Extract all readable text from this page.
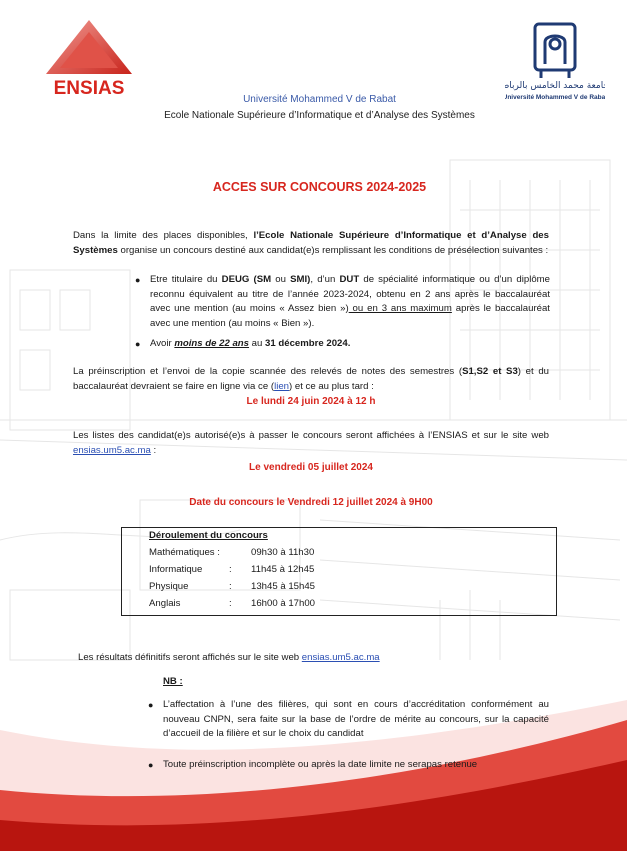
ENSIAS	جامعة محمد الخامس بالرباط
Université Mohammed V de Rabat
Université Mohammed V de Rabat
Ecole Nationale Supérieure d’Informatique et d’Analyse des Systèmes
ACCES SUR CONCOURS 2024-2025
Dans la limite des places disponibles, l’Ecole Nationale Supérieure d’Informatique et d’Analyse des Systèmes organise un concours destiné aux candidat(e)s remplissant les conditions de présélection suivantes :
● Etre titulaire du DEUG (SM ou SMI), d’un DUT de spécialité informatique ou d’un diplôme reconnu équivalent au titre de l’année 2023-2024, obtenu en 2 ans après le baccalauréat avec une mention (au moins « Assez bien ») ou en 3 ans maximum après le baccalauréat avec une mention (au moins « Bien »).
● Avoir moins de 22 ans au 31 décembre 2024.
La préinscription et l’envoi de la copie scannée des relevés de notes des semestres (S1,S2 et S3) et du baccalauréat devraient se faire en ligne via ce (lien) et ce au plus tard :
Le lundi 24 juin 2024 à 12 h
Les listes des candidat(e)s autorisé(e)s à passer le concours seront affichées à l’ENSIAS et sur le site web ensias.um5.ac.ma :
Le vendredi 05 juillet 2024
Date du concours le Vendredi 12 juillet 2024 à 9H00
Déroulement du concours
Mathématiques :	09h30 à 11h30
Informatique	: 11h45 à 12h45
Physique	: 13h45 à 15h45
Anglais	: 16h00 à 17h00
Les résultats définitifs seront affichés sur le site web ensias.um5.ac.ma
NB :
● L’affectation à l’une des filières, qui sont en cours d’accréditation conformément au nouveau CNPN, sera faite sur la base de l’ordre de mérite au concours, sur la capacité d’accueil de la filière et sur le choix du candidat
● Toute préinscription incomplète ou après la date limite ne serapas retenue
